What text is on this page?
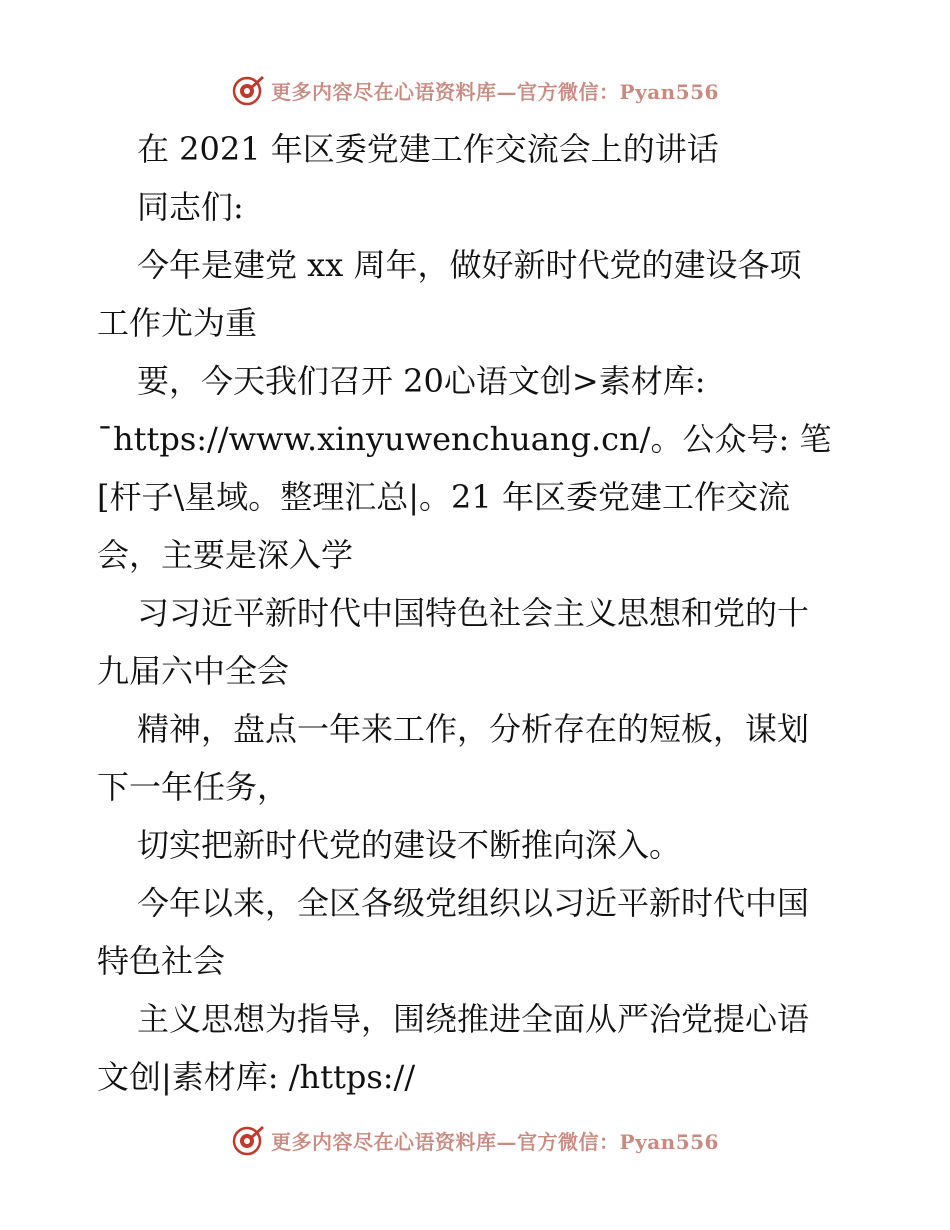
更多内容尽在心语资料库—官方微信：Pyan556
在 2021 年区委党建工作交流会上的讲话
同志们:
今年是建党 xx 周年，做好新时代党的建设各项
工作尤为重
要，今天我们召开 20心语文创>素材库:
¯https://www.xinyuwenchuang.cn/。公众号: 笔
[杆子\星域。整理汇总|。21 年区委党建工作交流
会，主要是深入学
习习近平新时代中国特色社会主义思想和党的十
九届六中全会
精神，盘点一年来工作，分析存在的短板，谋划
下一年任务，
切实把新时代党的建设不断推向深入。
今年以来，全区各级党组织以习近平新时代中国
特色社会
主义思想为指导，围绕推进全面从严治党提心语
文创|素材库: /https://
更多内容尽在心语资料库—官方微信：Pyan556
